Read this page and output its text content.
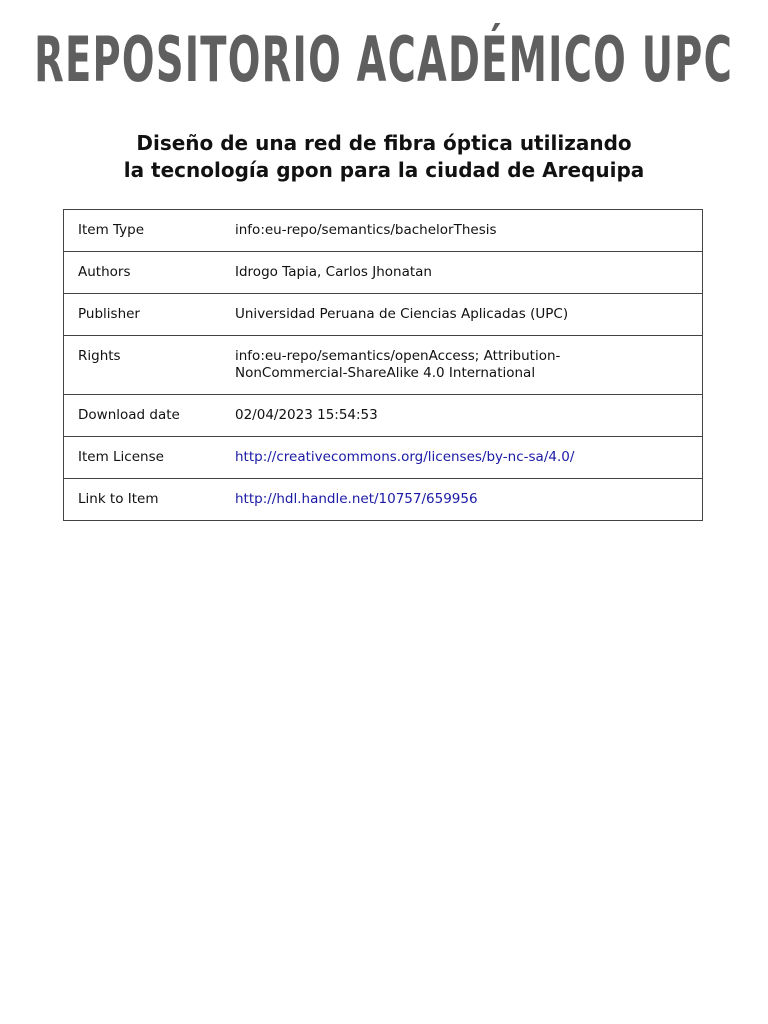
REPOSITORIO ACADÉMICO UPC
Diseño de una red de fibra óptica utilizando
la tecnología gpon para la ciudad de Arequipa
Item Type	info:eu-repo/semantics/bachelorThesis
Authors	Idrogo Tapia, Carlos Jhonatan
Publisher	Universidad Peruana de Ciencias Aplicadas (UPC)
Rights	info:eu-repo/semantics/openAccess; Attribution-
NonCommercial-ShareAlike 4.0 International
Download date	02/04/2023 15:54:53
Item License	http://creativecommons.org/licenses/by-nc-sa/4.0/
Link to Item	http://hdl.handle.net/10757/659956
